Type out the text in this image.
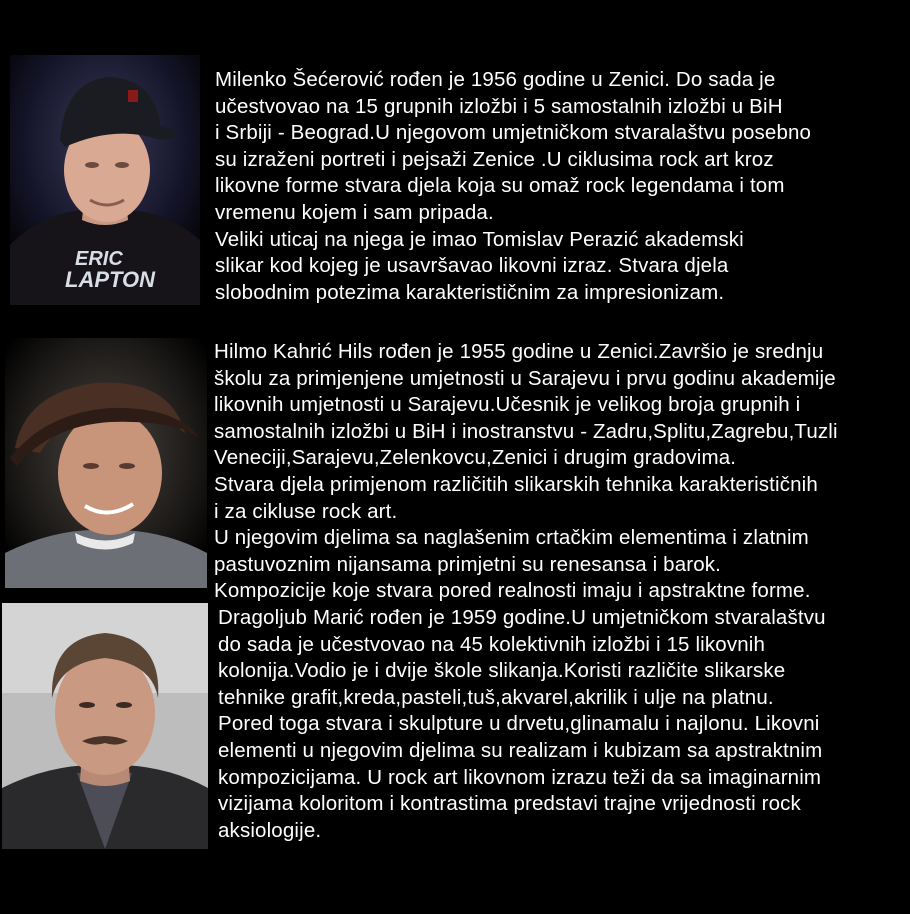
ERIC
LAPTON
Milenko Šećerović rođen je 1956 godine u Zenici. Do sada je
učestvovao na 15 grupnih izložbi i 5 samostalnih izložbi u BiH
i Srbiji - Beograd.U njegovom umjetničkom stvaralaštvu posebno
su izraženi portreti i pejsaži Zenice .U ciklusima rock art kroz
likovne forme stvara djela koja su omaž rock legendama i tom
vremenu kojem i sam pripada.
Veliki uticaj na njega je imao Tomislav Perazić akademski
slikar kod kojeg je usavršavao likovni izraz. Stvara djela
slobodnim potezima karakterističnim za impresionizam.
Hilmo Kahrić Hils rođen je 1955 godine u Zenici.Završio je srednju
školu za primjenjene umjetnosti u Sarajevu i prvu godinu akademije
likovnih umjetnosti u Sarajevu.Učesnik je velikog broja grupnih i
samostalnih izložbi u BiH i inostranstvu - Zadru,Splitu,Zagrebu,Tuzli
Veneciji,Sarajevu,Zelenkovcu,Zenici i drugim gradovima.
Stvara djela primjenom različitih slikarskih tehnika karakterističnih
i za cikluse rock art.
U njegovim djelima sa naglašenim crtačkim elementima i zlatnim
pastuvoznim nijansama primjetni su renesansa i barok.
Kompozicije koje stvara pored realnosti imaju i apstraktne forme.
Dragoljub Marić rođen je 1959 godine.U umjetničkom stvaralaštvu
do sada je učestvovao na 45 kolektivnih izložbi i 15 likovnih
kolonija.Vodio je i dvije škole slikanja.Koristi različite slikarske
tehnike grafit,kreda,pasteli,tuš,akvarel,akrilik i ulje na platnu.
Pored toga stvara i skulpture u drvetu,glinamalu i najlonu. Likovni
elementi u njegovim djelima su realizam i kubizam sa apstraktnim
kompozicijama. U rock art likovnom izrazu teži da sa imaginarnim
vizijama koloritom i kontrastima predstavi trajne vrijednosti rock
aksiologije.
